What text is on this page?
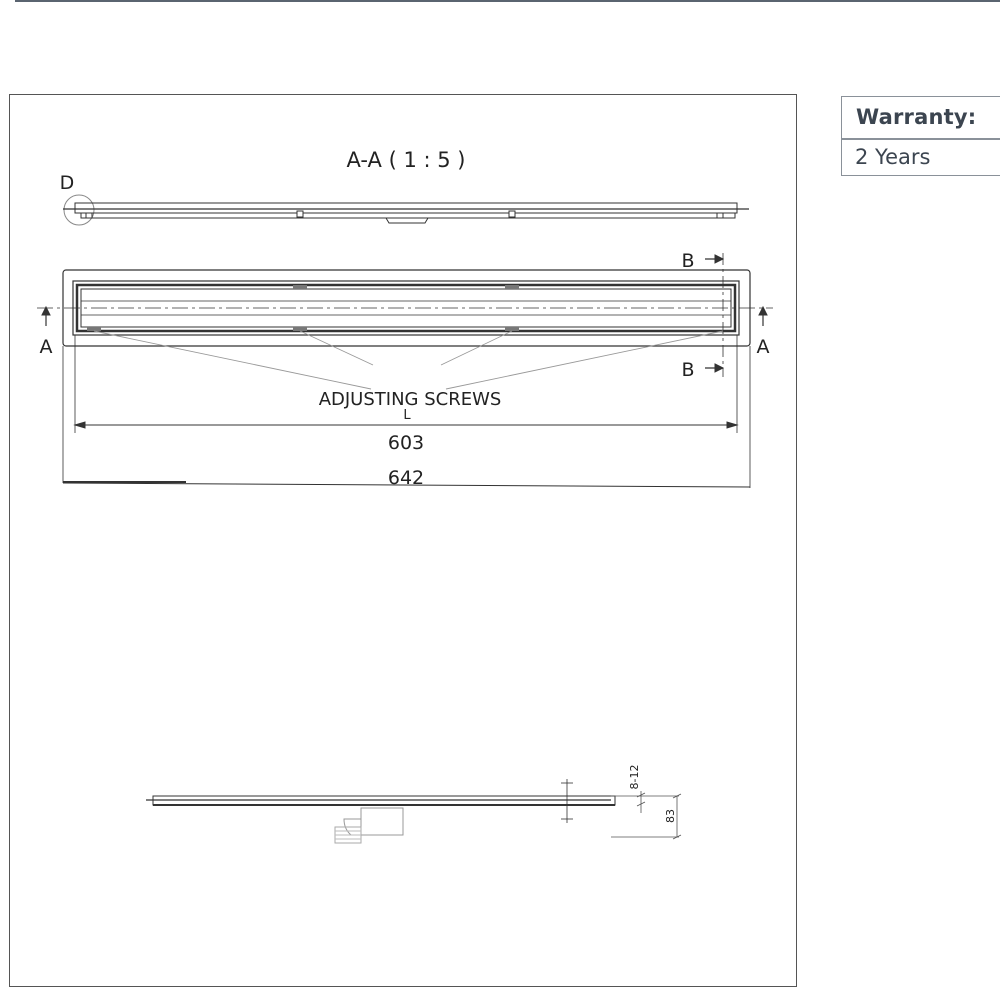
A-A ( 1 : 5 )
D
A	A
B
B
ADJUSTING SCREWS
L
603
642
8-12
83
Warranty:
2 Years
